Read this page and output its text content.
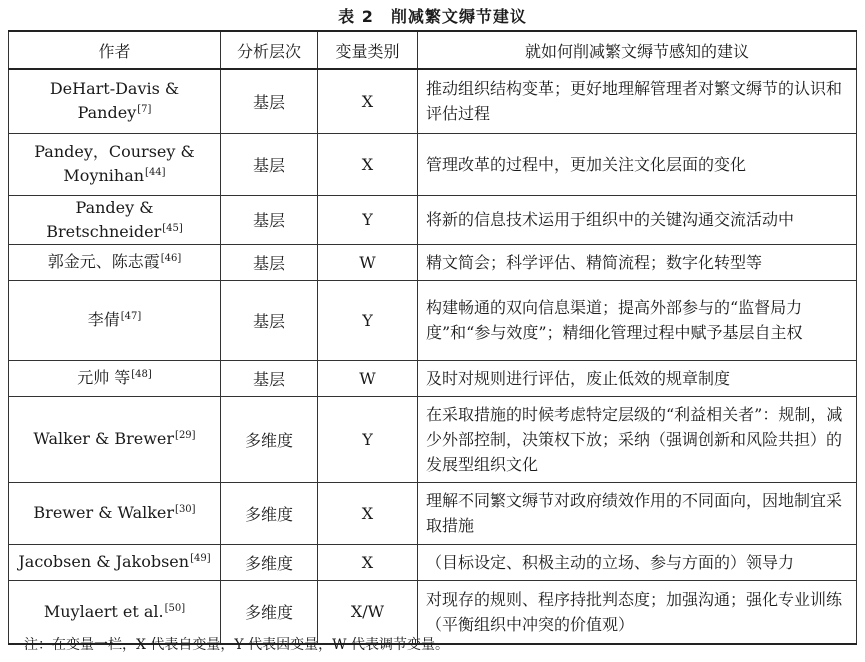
表 2　削减繁文缛节建议
作者	分析层次	变量类别	就如何削减繁文缛节感知的建议
DeHart-Davis & Pandey[7]	基层	X	推动组织结构变革；更好地理解管理者对繁文缛节的认识和评估过程
Pandey，Coursey & Moynihan[44]	基层	X	管理改革的过程中，更加关注文化层面的变化
Pandey & Bretschneider[45]	基层	Y	将新的信息技术运用于组织中的关键沟通交流活动中
郭金元、陈志霞[46]	基层	W	精文简会；科学评估、精简流程；数字化转型等
李倩[47]	基层	Y	构建畅通的双向信息渠道；提高外部参与的“监督局力度”和“参与效度”；精细化管理过程中赋予基层自主权
元帅 等[48]	基层	W	及时对规则进行评估，废止低效的规章制度
Walker & Brewer[29]	多维度	Y	在采取措施的时候考虑特定层级的“利益相关者”：规制，减少外部控制，决策权下放；采纳（强调创新和风险共担）的发展型组织文化
Brewer & Walker[30]	多维度	X	理解不同繁文缛节对政府绩效作用的不同面向，因地制宜采取措施
Jacobsen & Jakobsen[49]	多维度	X	（目标设定、积极主动的立场、参与方面的）领导力
Muylaert et al.[50]	多维度	X/W	对现存的规则、程序持批判态度；加强沟通；强化专业训练（平衡组织中冲突的价值观）
注：在变量一栏，X 代表自变量，Y 代表因变量，W 代表调节变量。
